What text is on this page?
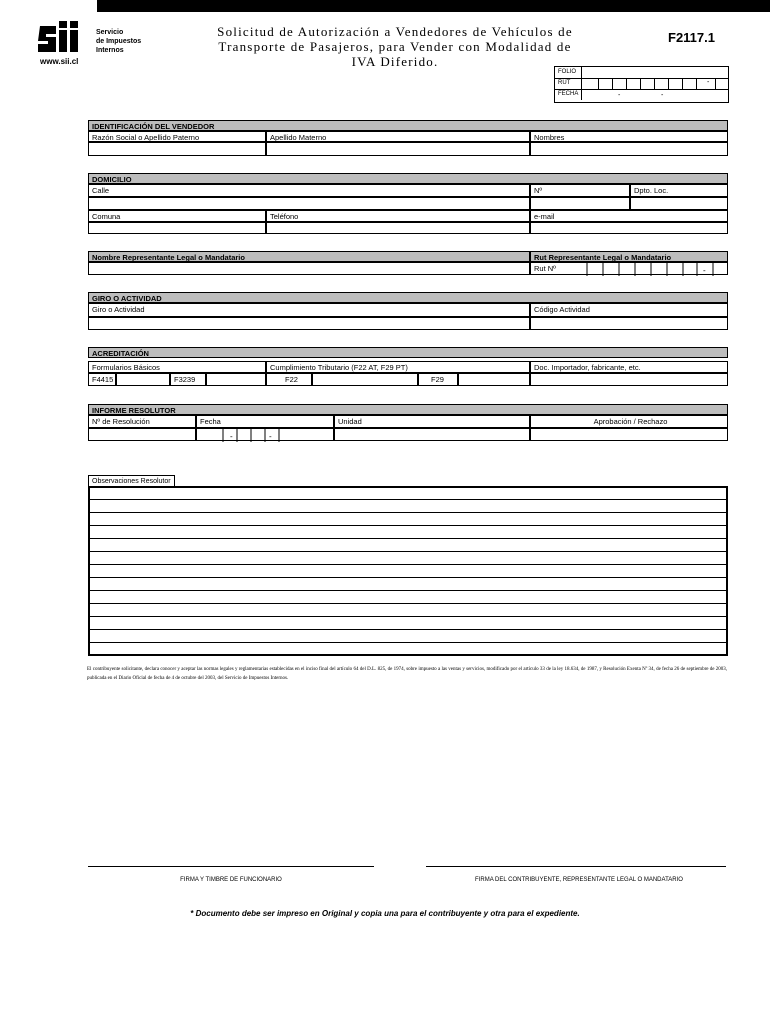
Servicio
de Impuestos
Internos
www.sii.cl
Solicitud de Autorización a Vendedores de Vehículos de
Transporte de Pasajeros, para Vender con Modalidad de
IVA Diferido.
F2117.1
FOLIO
RUT	-
FECHA	-	-
IDENTIFICACIÓN DEL VENDEDOR
Razón Social o Apellido Paterno	Apellido Materno	Nombres
DOMICILIO
Calle	Nº	Dpto. Loc.
Comuna	Teléfono	e-mail
Nombre Representante Legal o Mandatario	Rut Representante Legal o Mandatario
Rut Nº	-
GIRO O ACTIVIDAD
Giro o Actividad	Código Actividad
ACREDITACIÓN
Formularios Básicos	Cumplimiento Tributario (F22 AT, F29 PT)	Doc. Importador, fabricante, etc.
F4415	F3239	F22	F29
INFORME RESOLUTOR
Nº de Resolución	Fecha	Unidad	Aprobación / Rechazo
-	-
Observaciones Resolutor
El contribuyente solicitante, declara conocer y aceptar las normas legales y reglamentarias establecidas en el inciso final del artículo 64 del D.L. 825, de 1974, sobre impuesto a las ventas y servicios, modificado por el artículo 33 de la ley 18.634, de 1987, y Resolución Exenta Nº 34, de fecha 26 de septiembre de 2003, publicada en el Diario Oficial de fecha de 4 de octubre del 2003, del Servicio de Impuestos Internos.
FIRMA Y TIMBRE DE FUNCIONARIO	FIRMA DEL CONTRIBUYENTE, REPRESENTANTE LEGAL O MANDATARIO
* Documento debe ser impreso en Original y copia una para el contribuyente y otra para el expediente.
